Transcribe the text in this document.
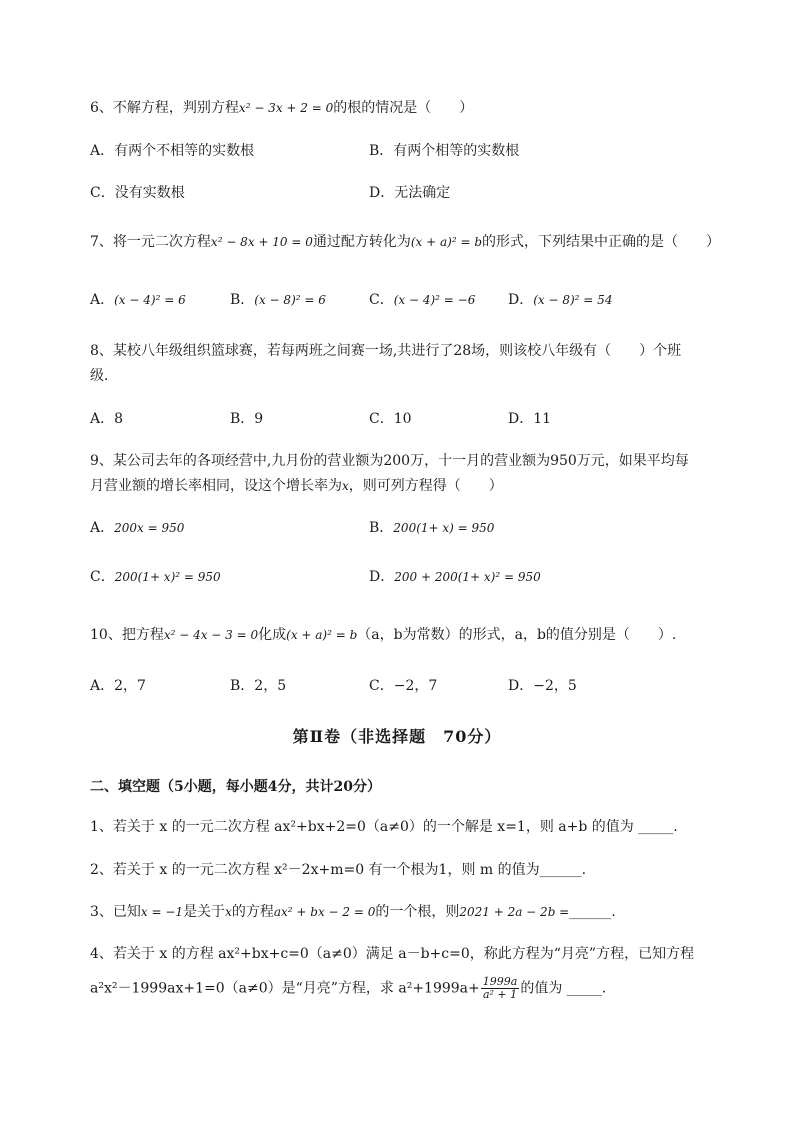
6、不解方程，判别方程x² − 3x + 2 = 0的根的情况是（　　）
A．有两个不相等的实数根	B．有两个相等的实数根
C．没有实数根	D．无法确定
7、将一元二次方程x² − 8x + 10 = 0通过配方转化为(x + a)² = b的形式，下列结果中正确的是（　　）
A．(x − 4)² = 6	B．(x − 8)² = 6	C．(x − 4)² = −6 D．(x − 8)² = 54
8、某校八年级组织篮球赛，若每两班之间赛一场,共进行了28场，则该校八年级有（　　）个班
级．
A．8	B．9	C．10	D．11
9、某公司去年的各项经营中,九月份的营业额为200万，十一月的营业额为950万元，如果平均每
月营业额的增长率相同，设这个增长率为x，则可列方程得（　　）
A．200x = 950	B．200(1+ x) = 950
C．200(1+ x)² = 950	D．200 + 200(1+ x)² = 950
10、把方程x² − 4x − 3 = 0化成(x + a)² = b（a，b为常数）的形式，a，b的值分别是（　　）.
A．2，7	B．2，5	C．−2，7	D．−2，5
第Ⅱ卷（非选择题　70分）
二、填空题（5小题，每小题4分，共计20分）
1、若关于 x 的一元二次方程 ax²+bx+2=0（a≠0）的一个解是 x=1，则 a+b 的值为 _____.
2、若关于 x 的一元二次方程 x²－2x+m=0 有一个根为1，则 m 的值为______.
3、已知x = −1是关于x的方程ax² + bx − 2 = 0的一个根，则2021 + 2a − 2b =______.
4、若关于 x 的方程 ax²+bx+c=0（a≠0）满足 a－b+c=0，称此方程为“月亮”方程，已知方程
a²x²－1999ax+1=0（a≠0）是“月亮”方程，求 $a^2+1999a+ \frac{1999a}{\text{a² + 1}}$ 的值为 _____.
